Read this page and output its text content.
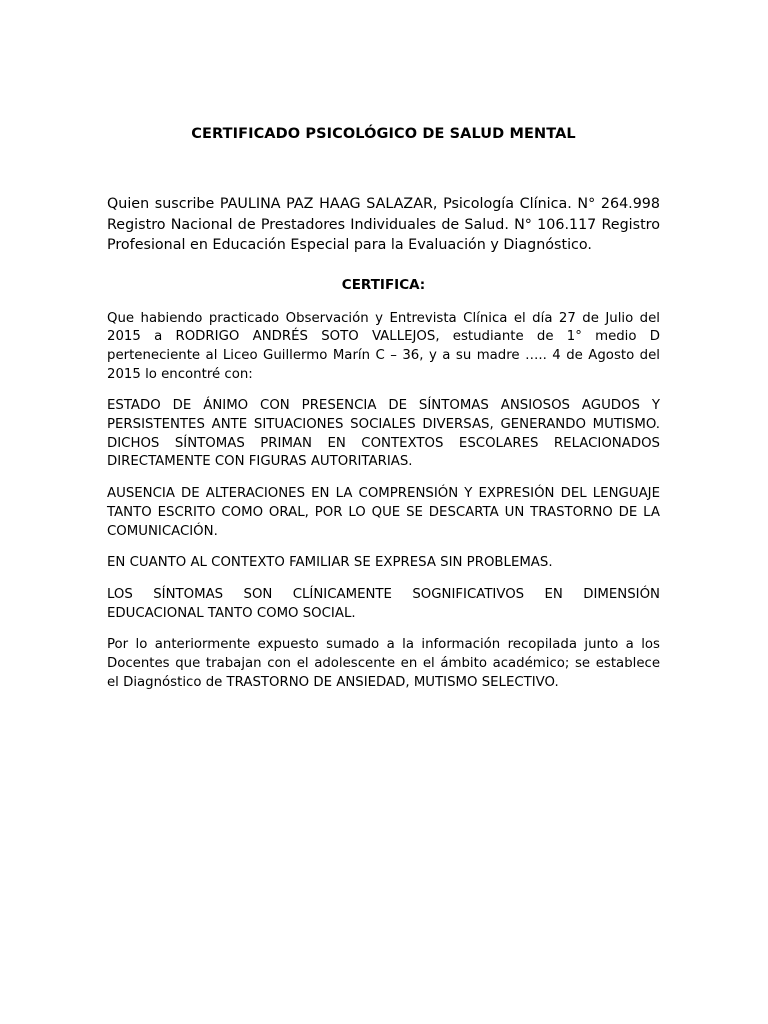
CERTIFICADO PSICOLÓGICO DE SALUD MENTAL

Quien suscribe PAULINA PAZ HAAG SALAZAR, Psicología Clínica. N° 264.998 Registro Nacional de Prestadores Individuales de Salud. N° 106.117 Registro Profesional en Educación Especial para la Evaluación y Diagnóstico.

CERTIFICA:

Que habiendo practicado Observación y Entrevista Clínica el día 27 de Julio del 2015 a RODRIGO ANDRÉS SOTO VALLEJOS, estudiante de 1° medio D perteneciente al Liceo Guillermo Marín C – 36, y a su madre ….. 4 de Agosto del 2015 lo encontré con:

ESTADO DE ÁNIMO CON PRESENCIA DE SÍNTOMAS ANSIOSOS AGUDOS Y PERSISTENTES ANTE SITUACIONES SOCIALES DIVERSAS, GENERANDO MUTISMO. DICHOS SÍNTOMAS PRIMAN EN CONTEXTOS ESCOLARES RELACIONADOS DIRECTAMENTE CON FIGURAS AUTORITARIAS.

AUSENCIA DE ALTERACIONES EN LA COMPRENSIÓN Y EXPRESIÓN DEL LENGUAJE TANTO ESCRITO COMO ORAL, POR LO QUE SE DESCARTA UN TRASTORNO DE LA COMUNICACIÓN.

EN CUANTO AL CONTEXTO FAMILIAR SE EXPRESA SIN PROBLEMAS.

LOS SÍNTOMAS SON CLÍNICAMENTE SOGNIFICATIVOS EN DIMENSIÓN EDUCACIONAL TANTO COMO SOCIAL.

Por lo anteriormente expuesto sumado a la información recopilada junto a los Docentes que trabajan con el adolescente en el ámbito académico; se establece el Diagnóstico de TRASTORNO DE ANSIEDAD, MUTISMO SELECTIVO.
